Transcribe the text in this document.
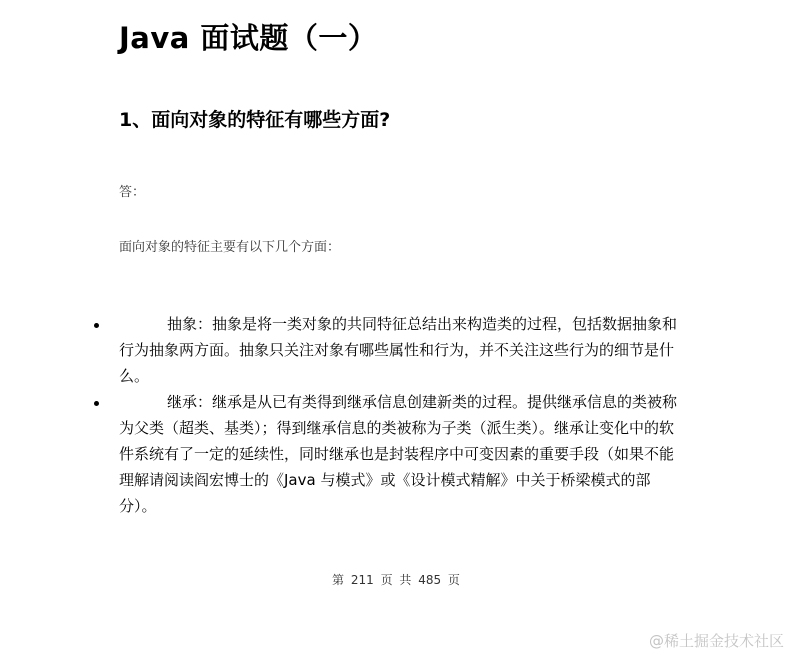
Java 面试题（一）
1、面向对象的特征有哪些方面?
答：
面向对象的特征主要有以下几个方面：
抽象：抽象是将一类对象的共同特征总结出来构造类的过程，包括数据抽象和行为抽象两方面。抽象只关注对象有哪些属性和行为，并不关注这些行为的细节是什么。
继承：继承是从已有类得到继承信息创建新类的过程。提供继承信息的类被称为父类（超类、基类）；得到继承信息的类被称为子类（派生类）。继承让变化中的软件系统有了一定的延续性，同时继承也是封装程序中可变因素的重要手段（如果不能理解请阅读阎宏博士的《Java 与模式》或《设计模式精解》中关于桥梁模式的部分）。
第 211 页 共 485 页
@稀土掘金技术社区
